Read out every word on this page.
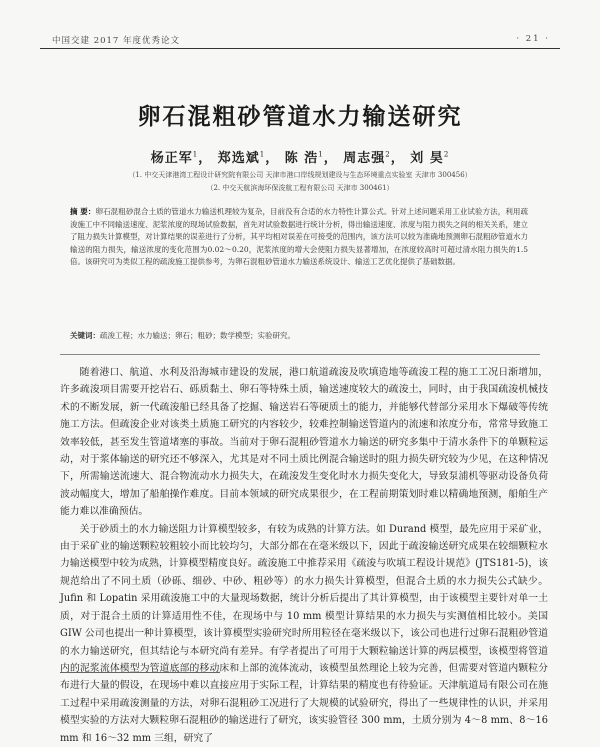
中国交建 2017 年度优秀论文	· 21 ·
卵石混粗砂管道水力输送研究
杨正军$^1$， 郑选斌$^1$， 陈 浩$^1$， 周志强$^2$， 刘 昊$^2$
（1. 中交天津港湾工程设计研究院有限公司 天津市港口岸线规划建设与生态环境重点实验室 天津市 300456）
（2. 中交天航滨海环保浚航工程有限公司 天津市 300461）
摘 要：卵石混粗砂混合土质的管道水力输送机理较为复杂，目前没有合适的水力特性计算公式。针对上述问题采用工业试验方法，利用疏浚施工中不同输送速度、泥浆浓度的现场试验数据，首先对试验数据进行统计分析，得出输送速度、浓度与阻力损失之间的相关关系，建立了阻力损失计算模型，对计算结果的误差进行了分析，其平均相对误差在可接受的范围内，该方法可以较为准确地预测卵石混粗砂管道水力输送的阻力损失，输送浓度的变化范围为0.02～0.20，泥浆浓度的增大会使阻力损失显著增加，在浓度较高时可超过清水阻力损失的1.5倍。该研究可为类似工程的疏浚施工提供参考，为卵石混粗砂管道水力输送系统设计、输送工艺优化提供了基础数据。
关键词：疏浚工程；水力输送；卵石；粗砂；数学模型；实验研究。

随着港口、航道、水利及沿海城市建设的发展，港口航道疏浚及吹填造地等疏浚工程的施工工况日渐增加，许多疏浚项目需要开挖岩石、砾质黏土、卵石等特殊土质，输送速度较大的疏浚土，同时，由于我国疏浚机械技术的不断发展，新一代疏浚船已经具备了挖掘、输送岩石等硬质土的能力，并能够代替部分采用水下爆破等传统施工方法。但疏浚企业对该类土质施工研究的内容较少，较难控制输送管道内的流速和浓度分布，常常导致施工效率较低，甚至发生管道堵塞的事故。当前对于卵石混粗砂管道水力输送的研究多集中于清水条件下的单颗粒运动，对于浆体输送的研究还不够深入，尤其是对不同土质比例混合输送时的阻力损失研究较为少见，在这种情况下，所需输送流速大、混合物流动水力损失大，在疏浚发生变化时水力损失变化大，导致泵浦机等驱动设备负荷波动幅度大，增加了船舶操作难度。目前本领域的研究成果很少，在工程前期策划时难以精确地预测，船舶生产能力难以准确预估。

关于砂质土的水力输送阻力计算模型较多，有较为成熟的计算方法。如 Durand 模型，最先应用于采矿业，由于采矿业的输送颗粒较粗较小而比较均匀，大部分都在在毫米级以下，因此于疏浚输送研究成果在较细颗粒水力输送模型中较为成熟，计算模型精度良好。疏浚施工中推荐采用《疏浚与吹填工程设计规范》(JTS181-5)，该规范给出了不同土质（砂砾、细砂、中砂、粗砂等）的水力损失计算模型，但混合土质的水力损失公式缺少。Jufin 和 Lopatin 采用疏浚施工中的大量现场数据，统计分析后提出了其计算模型，由于该模型主要针对单一土质，对于混合土质的计算适用性不佳，在现场中与 10 mm 模型计算结果的水力损失与实测值相比较小。美国 GIW 公司也提出一种计算模型，该计算模型实验研究时所用粒径在毫米级以下，该公司也进行过卵石混粗砂管道的水力输送研究，但其结论与本研究尚有差异。有学者提出了可用于大颗粒输送计算的两层模型，该模型将管道内的泥浆流体模型为管道底部的移动床和上部的流体流动，该模型虽然理论上较为完善，但需要对管道内颗粒分布进行大量的假设，在现场中难以直接应用于实际工程，计算结果的精度也有待验证。天津航道局有限公司在施工过程中采用疏浚测量的方法，对卵石混粗砂工况进行了大规模的试验研究，得出了一些规律性的认识，并采用模型实验的方法对大颗粒卵石混粗砂的输送进行了研究，该实验管径 300 mm，土质分别为 4～8 mm、8～16 mm 和 16～32 mm 三组，研究了
